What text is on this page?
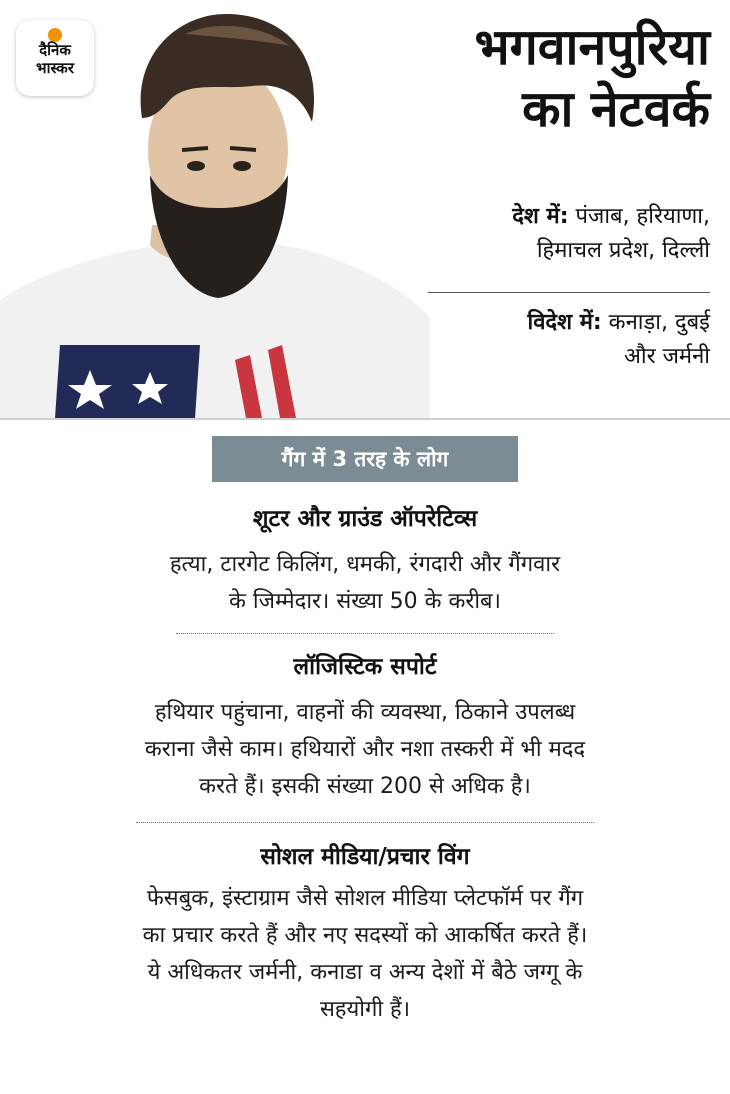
दैनिक
भास्कर	भगवानपुरिया
का नेटवर्क
देश में: पंजाब, हरियाणा,
हिमाचल प्रदेश, दिल्ली
विदेश में: कनाड़ा, दुबई
और जर्मनी
गैंग में 3 तरह के लोग
शूटर और ग्राउंड ऑपरेटिव्स
हत्या, टारगेट किलिंग, धमकी, रंगदारी और गैंगवार
के जिम्मेदार। संख्या 50 के करीब।
लॉजिस्टिक सपोर्ट
हथियार पहुंचाना, वाहनों की व्यवस्था, ठिकाने उपलब्ध
कराना जैसे काम। हथियारों और नशा तस्करी में भी मदद
करते हैं। इसकी संख्या 200 से अधिक है।
सोशल मीडिया/प्रचार विंग
फेसबुक, इंस्टाग्राम जैसे सोशल मीडिया प्लेटफॉर्म पर गैंग
का प्रचार करते हैं और नए सदस्यों को आकर्षित करते हैं।
ये अधिकतर जर्मनी, कनाडा व अन्य देशों में बैठे जग्गू के
सहयोगी हैं।
